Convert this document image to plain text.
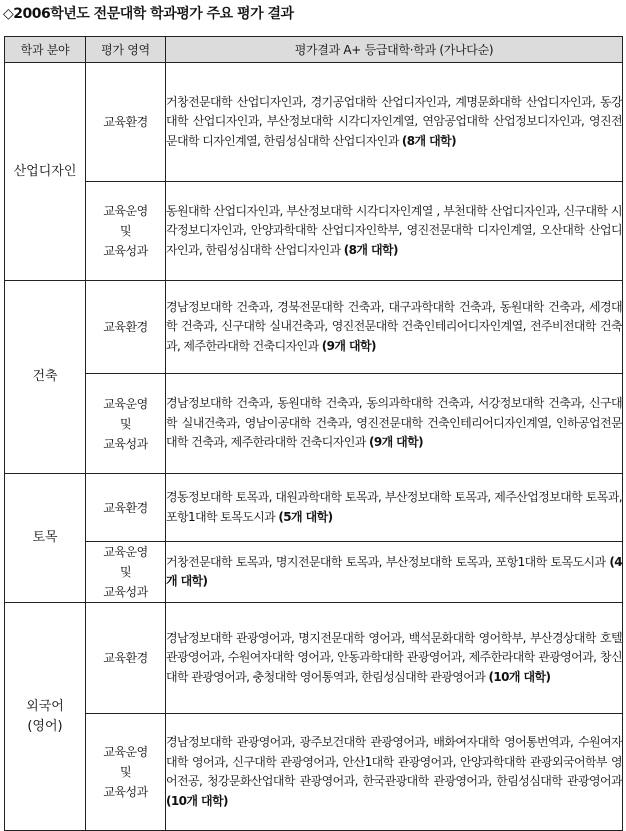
◇2006학년도 전문대학 학과평가 주요 평가 결과
학과 분야	평가 영역	평가결과 A+ 등급대학·학과 (가나다순)
산업디자인	교육환경	거창전문대학 산업디자인과, 경기공업대학 산업디자인과, 계명문화대학 산업디자인과, 동강대학 산업디자인과, 부산정보대학 시각디자인계열, 연암공업대학 산업정보디자인과, 영진전문대학 디자인계열, 한림성심대학 산업디자인과 (8개 대학)
	교육운영
및
교육성과	동원대학 산업디자인과, 부산정보대학 시각디자인계열 , 부천대학 산업디자인과, 신구대학 시각정보디자인과, 안양과학대학 산업디자인학부, 영진전문대학 디자인계열, 오산대학 산업디자인과, 한림성심대학 산업디자인과 (8개 대학)
건축	교육환경	경남정보대학 건축과, 경북전문대학 건축과, 대구과학대학 건축과, 동원대학 건축과, 세경대학 건축과, 신구대학 실내건축과, 영진전문대학 건축인테리어디자인계열, 전주비전대학 건축과, 제주한라대학 건축디자인과 (9개 대학)
	교육운영
및
교육성과	경남정보대학 건축과, 동원대학 건축과, 동의과학대학 건축과, 서강정보대학 건축과, 신구대학 실내건축과, 영남이공대학 건축과, 영진전문대학 건축인테리어디자인계열, 인하공업전문대학 건축과, 제주한라대학 건축디자인과 (9개 대학)
토목	교육환경	경동정보대학 토목과, 대원과학대학 토목과, 부산정보대학 토목과, 제주산업정보대학 토목과, 포항1대학 토목도시과 (5개 대학)
	교육운영
및
교육성과	거창전문대학 토목과, 명지전문대학 토목과, 부산정보대학 토목과, 포항1대학 토목도시과 (4개 대학)
외국어
(영어)	교육환경	경남정보대학 관광영어과, 명지전문대학 영어과, 백석문화대학 영어학부, 부산경상대학 호텔관광영어과, 수원여자대학 영어과, 안동과학대학 관광영어과, 제주한라대학 관광영어과, 창신대학 관광영어과, 충청대학 영어통역과, 한림성심대학 관광영어과 (10개 대학)
	교육운영
및
교육성과	경남정보대학 관광영어과, 광주보건대학 관광영어과, 배화여자대학 영어통번역과, 수원여자대학 영어과, 신구대학 관광영어과, 안산1대학 관광영어과, 안양과학대학 관광외국어학부 영어전공, 청강문화산업대학 관광영어과, 한국관광대학 관광영어과, 한림성심대학 관광영어과 (10개 대학)
